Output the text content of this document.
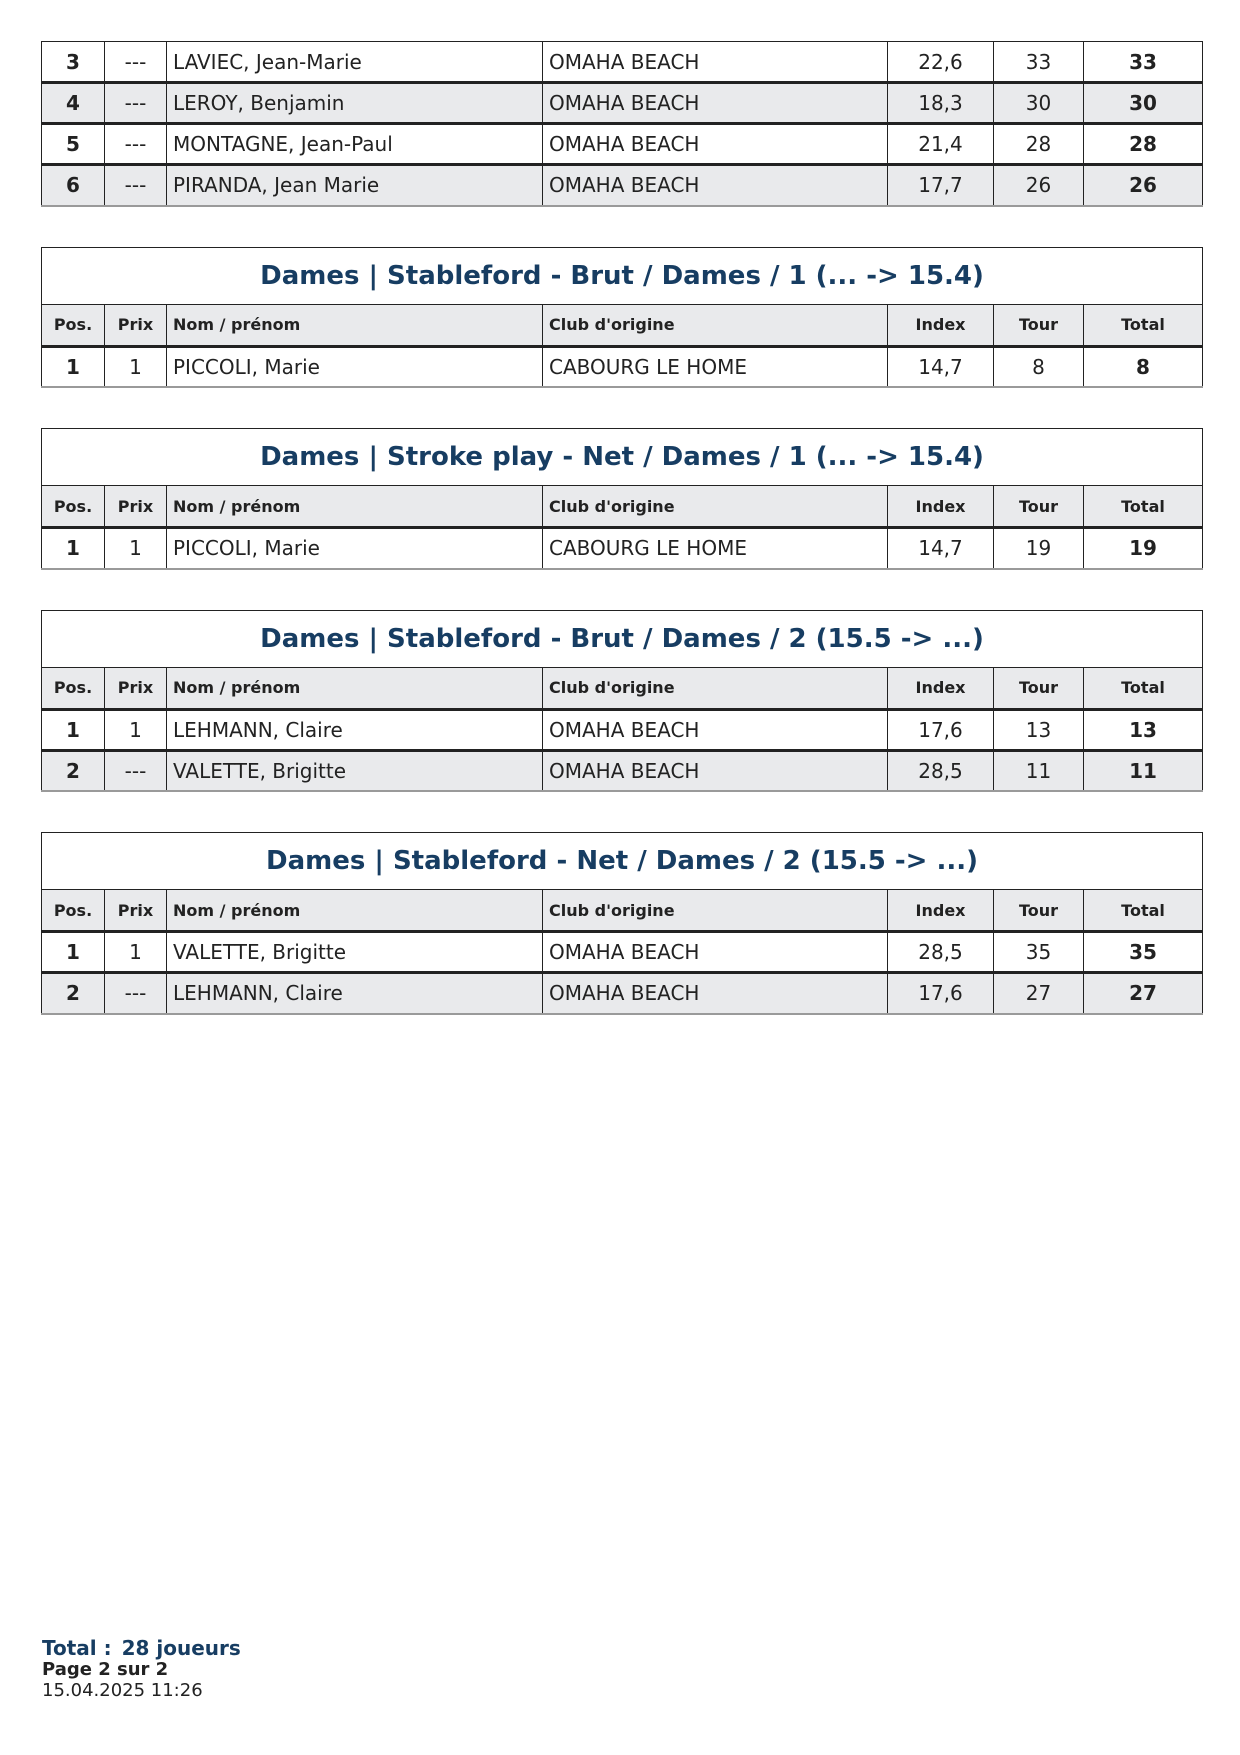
3	---	LAVIEC, Jean-Marie	OMAHA BEACH	22,6	33	33
4	---	LEROY, Benjamin	OMAHA BEACH	18,3	30	30
5	---	MONTAGNE, Jean-Paul	OMAHA BEACH	21,4	28	28
6	---	PIRANDA, Jean Marie	OMAHA BEACH	17,7	26	26
Dames | Stableford - Brut / Dames / 1 (... -> 15.4)						
Pos.	Prix	Nom / prénom	Club d'origine	Index	Tour	Total
1	1	PICCOLI, Marie	CABOURG LE HOME	14,7	8	8
Dames | Stroke play - Net / Dames / 1 (... -> 15.4)						
Pos.	Prix	Nom / prénom	Club d'origine	Index	Tour	Total
1	1	PICCOLI, Marie	CABOURG LE HOME	14,7	19	19
Dames | Stableford - Brut / Dames / 2 (15.5 -> ...)						
Pos.	Prix	Nom / prénom	Club d'origine	Index	Tour	Total
1	1	LEHMANN, Claire	OMAHA BEACH	17,6	13	13
2	---	VALETTE, Brigitte	OMAHA BEACH	28,5	11	11
Dames | Stableford - Net / Dames / 2 (15.5 -> ...)						
Pos.	Prix	Nom / prénom	Club d'origine	Index	Tour	Total
1	1	VALETTE, Brigitte	OMAHA BEACH	28,5	35	35
2	---	LEHMANN, Claire	OMAHA BEACH	17,6	27	27
Total : 28 joueurs
Page 2 sur 2
15.04.2025 11:26
